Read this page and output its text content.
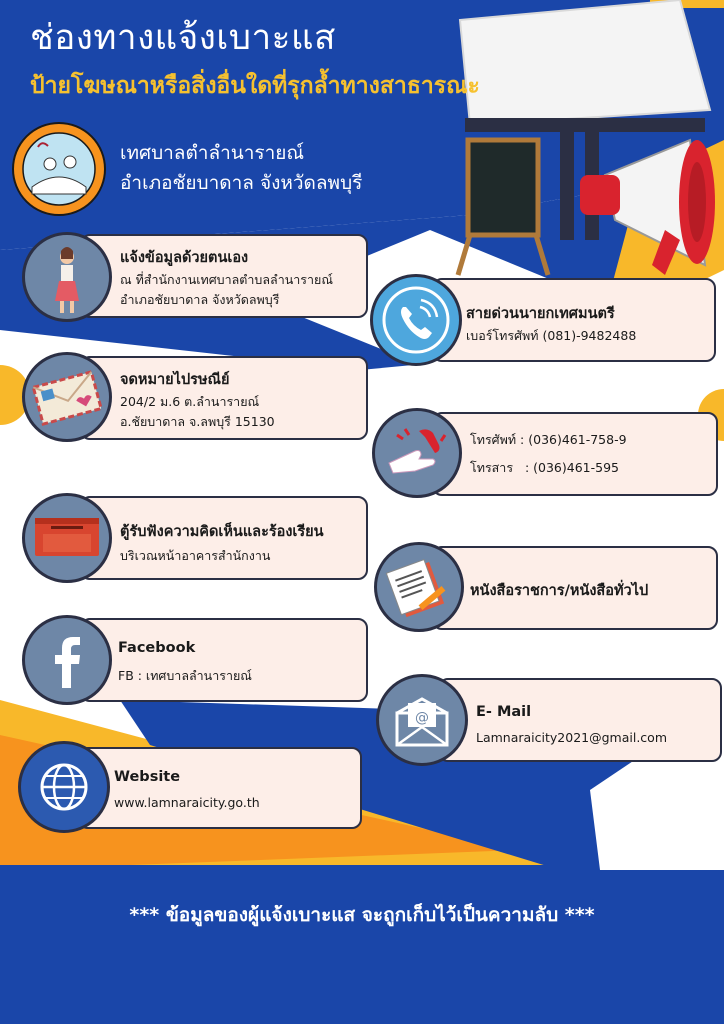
ช่องทางแจ้งเบาะแส
ป้ายโฆษณาหรือสิ่งอื่นใดที่รุกล้ำทางสาธารณะ
เทศบาลตำลำนารายณ์
อำเภอชัยบาดาล จังหวัดลพบุรี
แจ้งข้อมูลด้วยตนเอง
ณ ที่สำนักงานเทศบาลตำบลลำนารายณ์
อำเภอชัยบาดาล จังหวัดลพบุรี
จดหมายไปรษณีย์
204/2 ม.6 ต.ลำนารายณ์
อ.ชัยบาดาล จ.ลพบุรี 15130
ตู้รับฟังความคิดเห็นและร้องเรียน
บริเวณหน้าอาคารสำนักงาน
Facebook
FB : เทศบาลลำนารายณ์
Website
www.lamnaraicity.go.th
สายด่วนนายกเทศมนตรี
เบอร์โทรศัพท์ (081)-9482488
โทรศัพท์ : (036)461-758-9
โทรสาร   : (036)461-595
หนังสือราชการ/หนังสือทั่วไป
E- Mail
Lamnaraicity2021@gmail.com
@
*** ข้อมูลของผู้แจ้งเบาะแส จะถูกเก็บไว้เป็นความลับ ***
